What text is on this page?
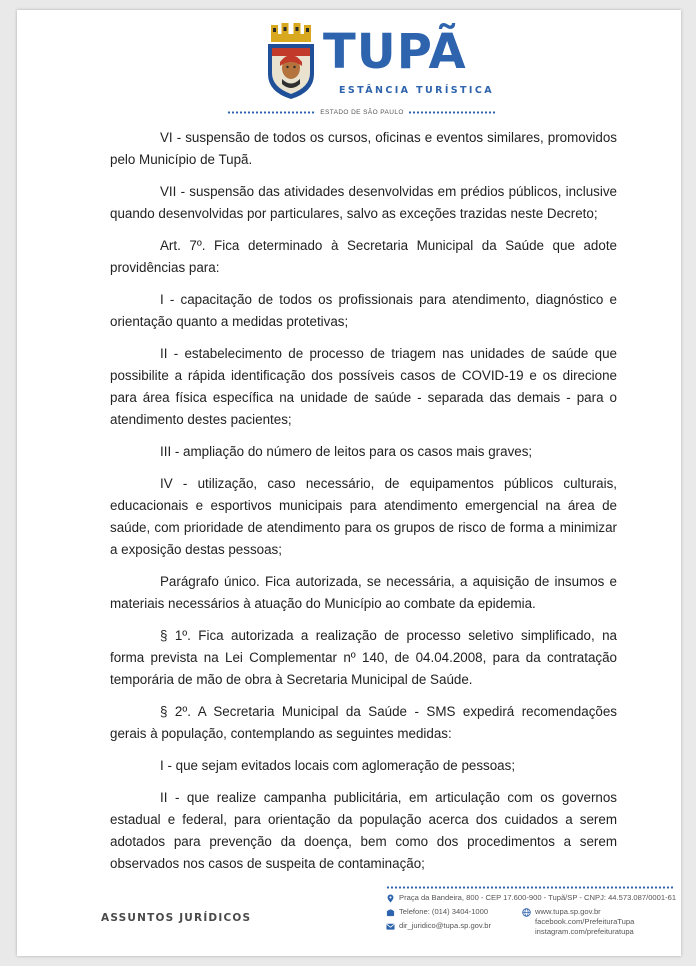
TUPÃ
ESTÂNCIA TURÍSTICA
ESTADO DE SÃO PAULO

VI - suspensão de todos os cursos, oficinas e eventos similares, promovidos pelo Município de Tupã.

VII - suspensão das atividades desenvolvidas em prédios públicos, inclusive quando desenvolvidas por particulares, salvo as exceções trazidas neste Decreto;

Art. 7º. Fica determinado à Secretaria Municipal da Saúde que adote providências para:

I - capacitação de todos os profissionais para atendimento, diagnóstico e orientação quanto a medidas protetivas;

II - estabelecimento de processo de triagem nas unidades de saúde que possibilite a rápida identificação dos possíveis casos de COVID-19 e os direcione para área física específica na unidade de saúde - separada das demais - para o atendimento destes pacientes;

III - ampliação do número de leitos para os casos mais graves;

IV - utilização, caso necessário, de equipamentos públicos culturais, educacionais e esportivos municipais para atendimento emergencial na área de saúde, com prioridade de atendimento para os grupos de risco de forma a minimizar a exposição destas pessoas;

Parágrafo único. Fica autorizada, se necessária, a aquisição de insumos e materiais necessários à atuação do Município ao combate da epidemia.

§ 1º. Fica autorizada a realização de processo seletivo simplificado, na forma prevista na Lei Complementar nº 140, de 04.04.2008, para da contratação temporária de mão de obra à Secretaria Municipal de Saúde.

§ 2º. A Secretaria Municipal da Saúde - SMS expedirá recomendações gerais à população, contemplando as seguintes medidas:

I - que sejam evitados locais com aglomeração de pessoas;

II - que realize campanha publicitária, em articulação com os governos estadual e federal, para orientação da população acerca dos cuidados a serem adotados para prevenção da doença, bem como dos procedimentos a serem observados nos casos de suspeita de contaminação;

ASSUNTOS JURÍDICOS
Praça da Bandeira, 800 - CEP 17.600-900 - Tupã/SP - CNPJ: 44.573.087/0001-61
Telefone: (014) 3404-1000
dir_juridico@tupa.sp.gov.br
www.tupa.sp.gov.br
facebook.com/PrefeituraTupa
instagram.com/prefeituratupa
